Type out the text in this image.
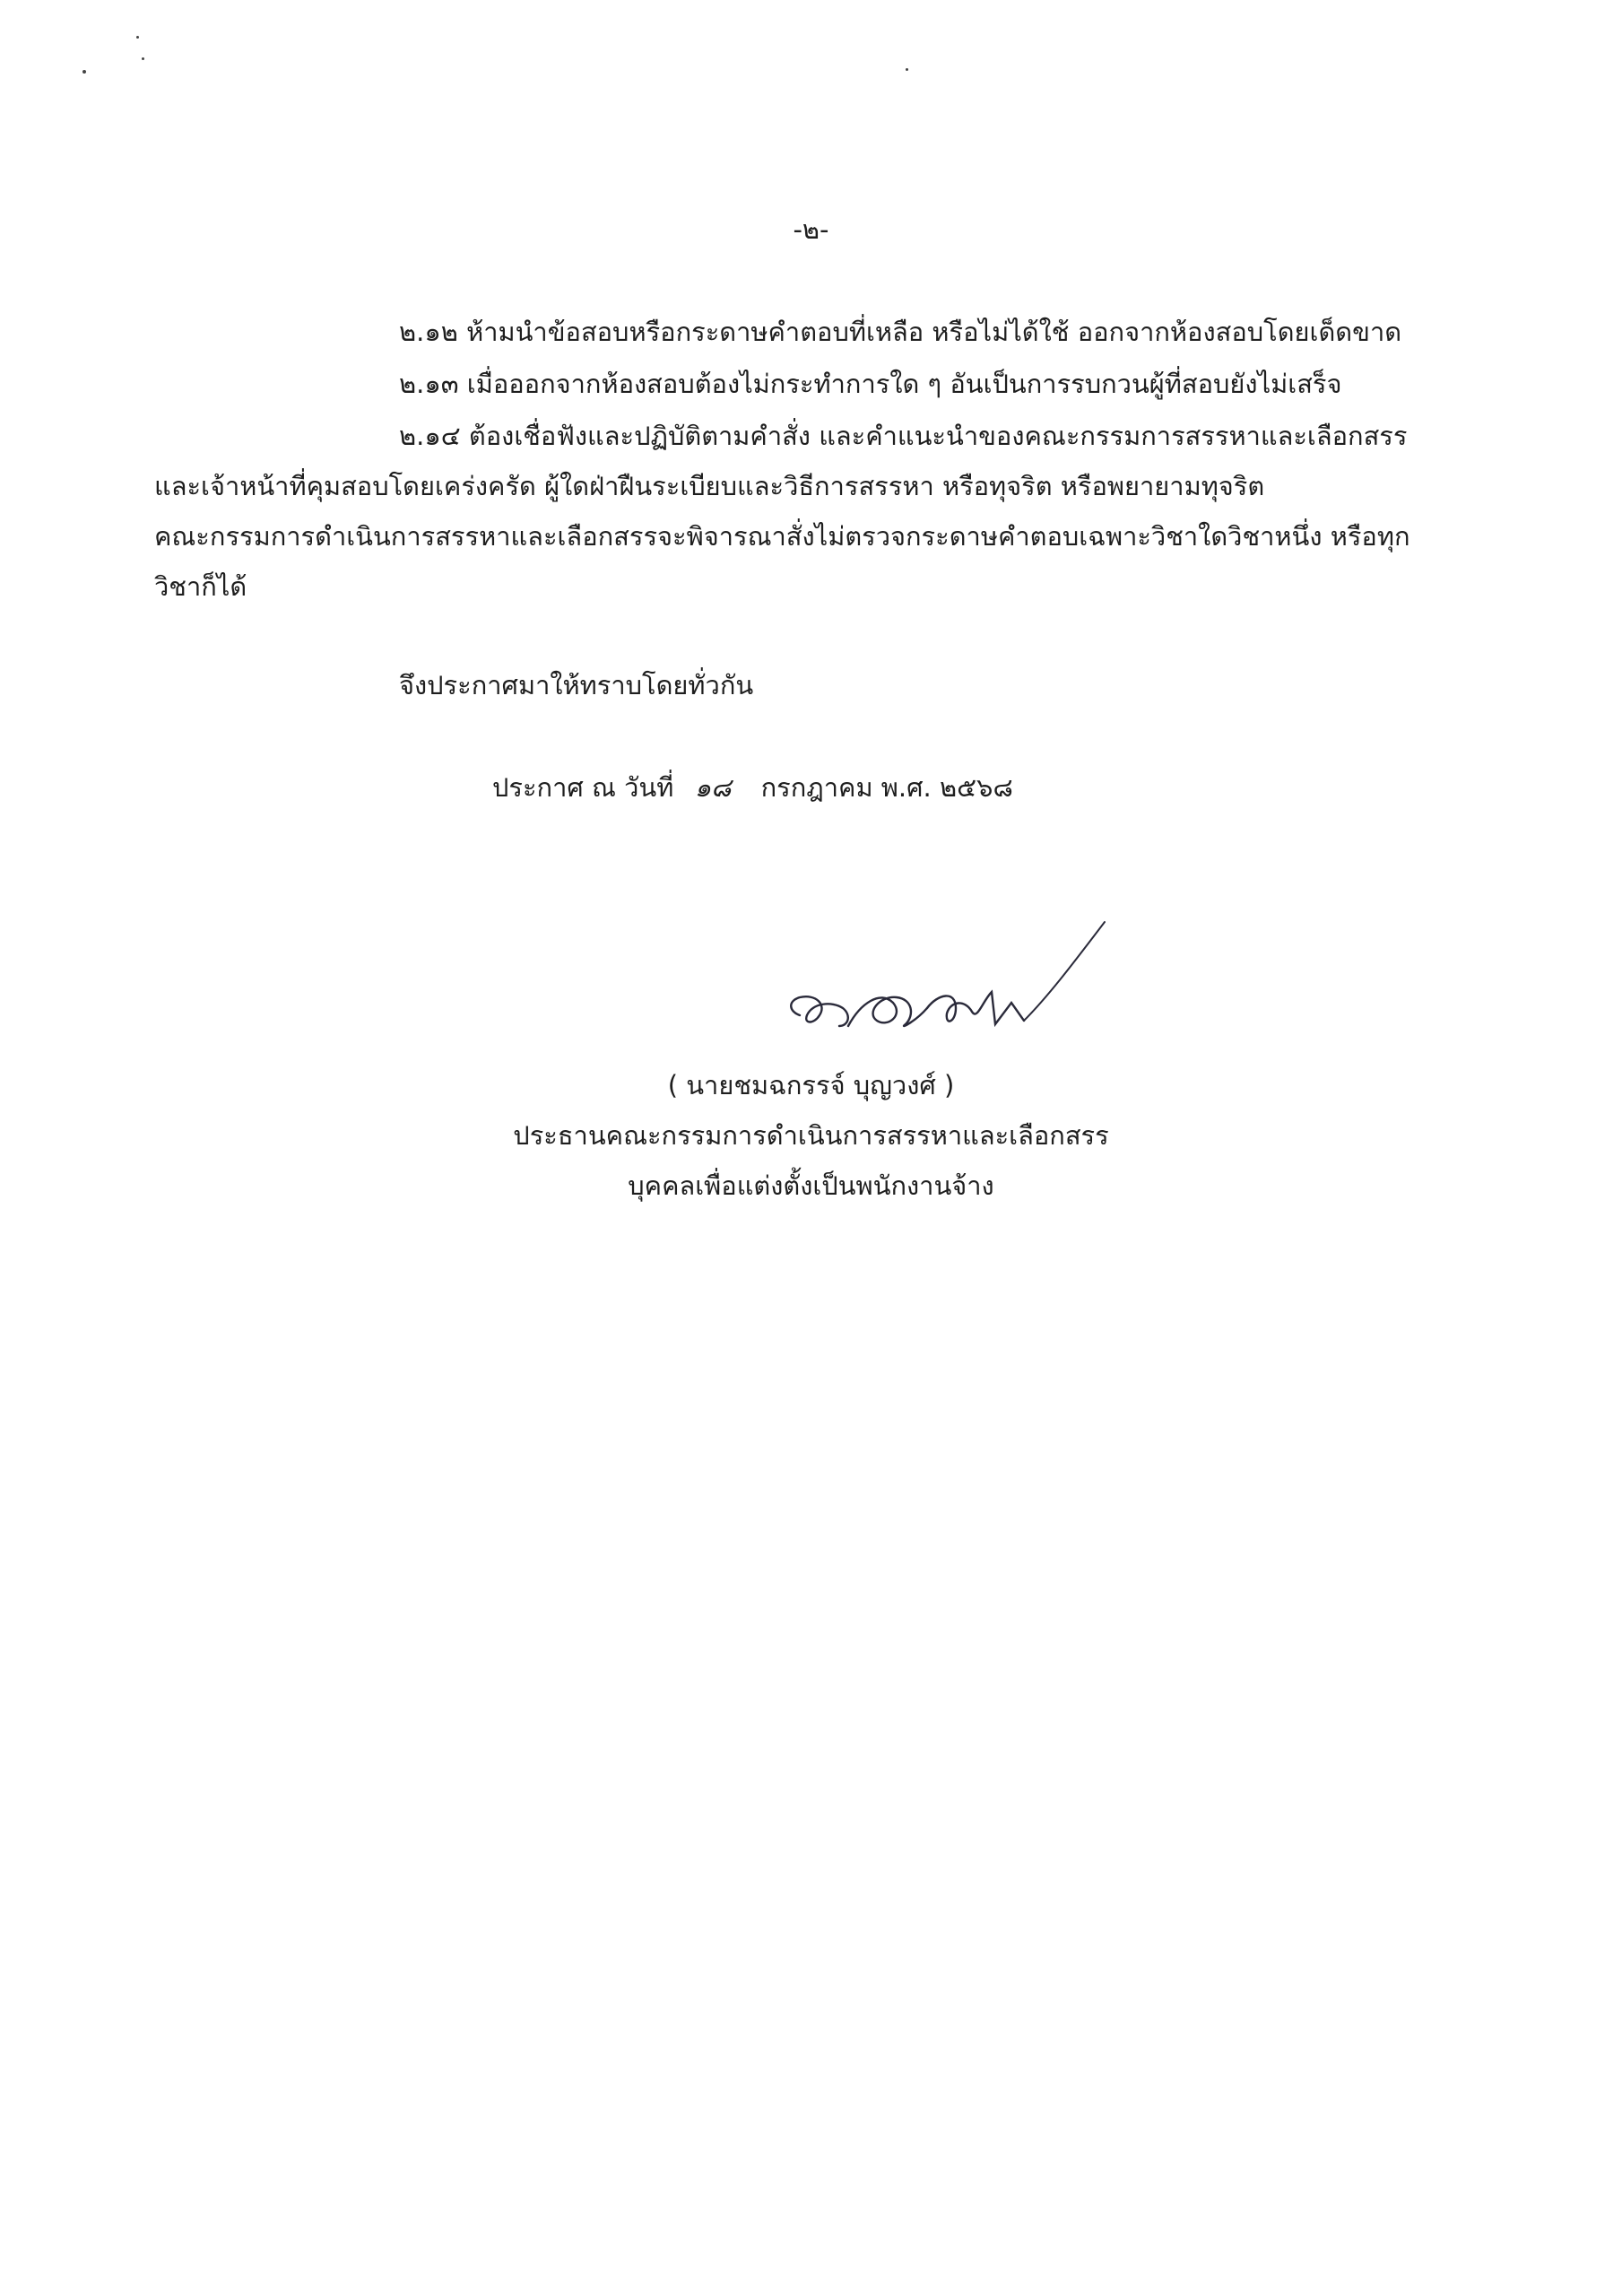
-๒-
๒.๑๒ ห้ามนำข้อสอบหรือกระดาษคำตอบที่เหลือ หรือไม่ได้ใช้ ออกจากห้องสอบโดยเด็ดขาด
๒.๑๓ เมื่อออกจากห้องสอบต้องไม่กระทำการใด ๆ อันเป็นการรบกวนผู้ที่สอบยังไม่เสร็จ
๒.๑๔ ต้องเชื่อฟังและปฏิบัติตามคำสั่ง และคำแนะนำของคณะกรรมการสรรหาและเลือกสรร
และเจ้าหน้าที่คุมสอบโดยเคร่งครัด ผู้ใดฝ่าฝืนระเบียบและวิธีการสรรหา หรือทุจริต หรือพยายามทุจริต
คณะกรรมการดำเนินการสรรหาและเลือกสรรจะพิจารณาสั่งไม่ตรวจกระดาษคำตอบเฉพาะวิชาใดวิชาหนึ่ง หรือทุก
วิชาก็ได้
จึงประกาศมาให้ทราบโดยทั่วกัน
ประกาศ ณ วันที่ ๑๘ กรกฎาคม พ.ศ. ๒๕๖๘
( นายชมฉกรรจ์ บุญวงศ์ )
ประธานคณะกรรมการดำเนินการสรรหาและเลือกสรร
บุคคลเพื่อแต่งตั้งเป็นพนักงานจ้าง
